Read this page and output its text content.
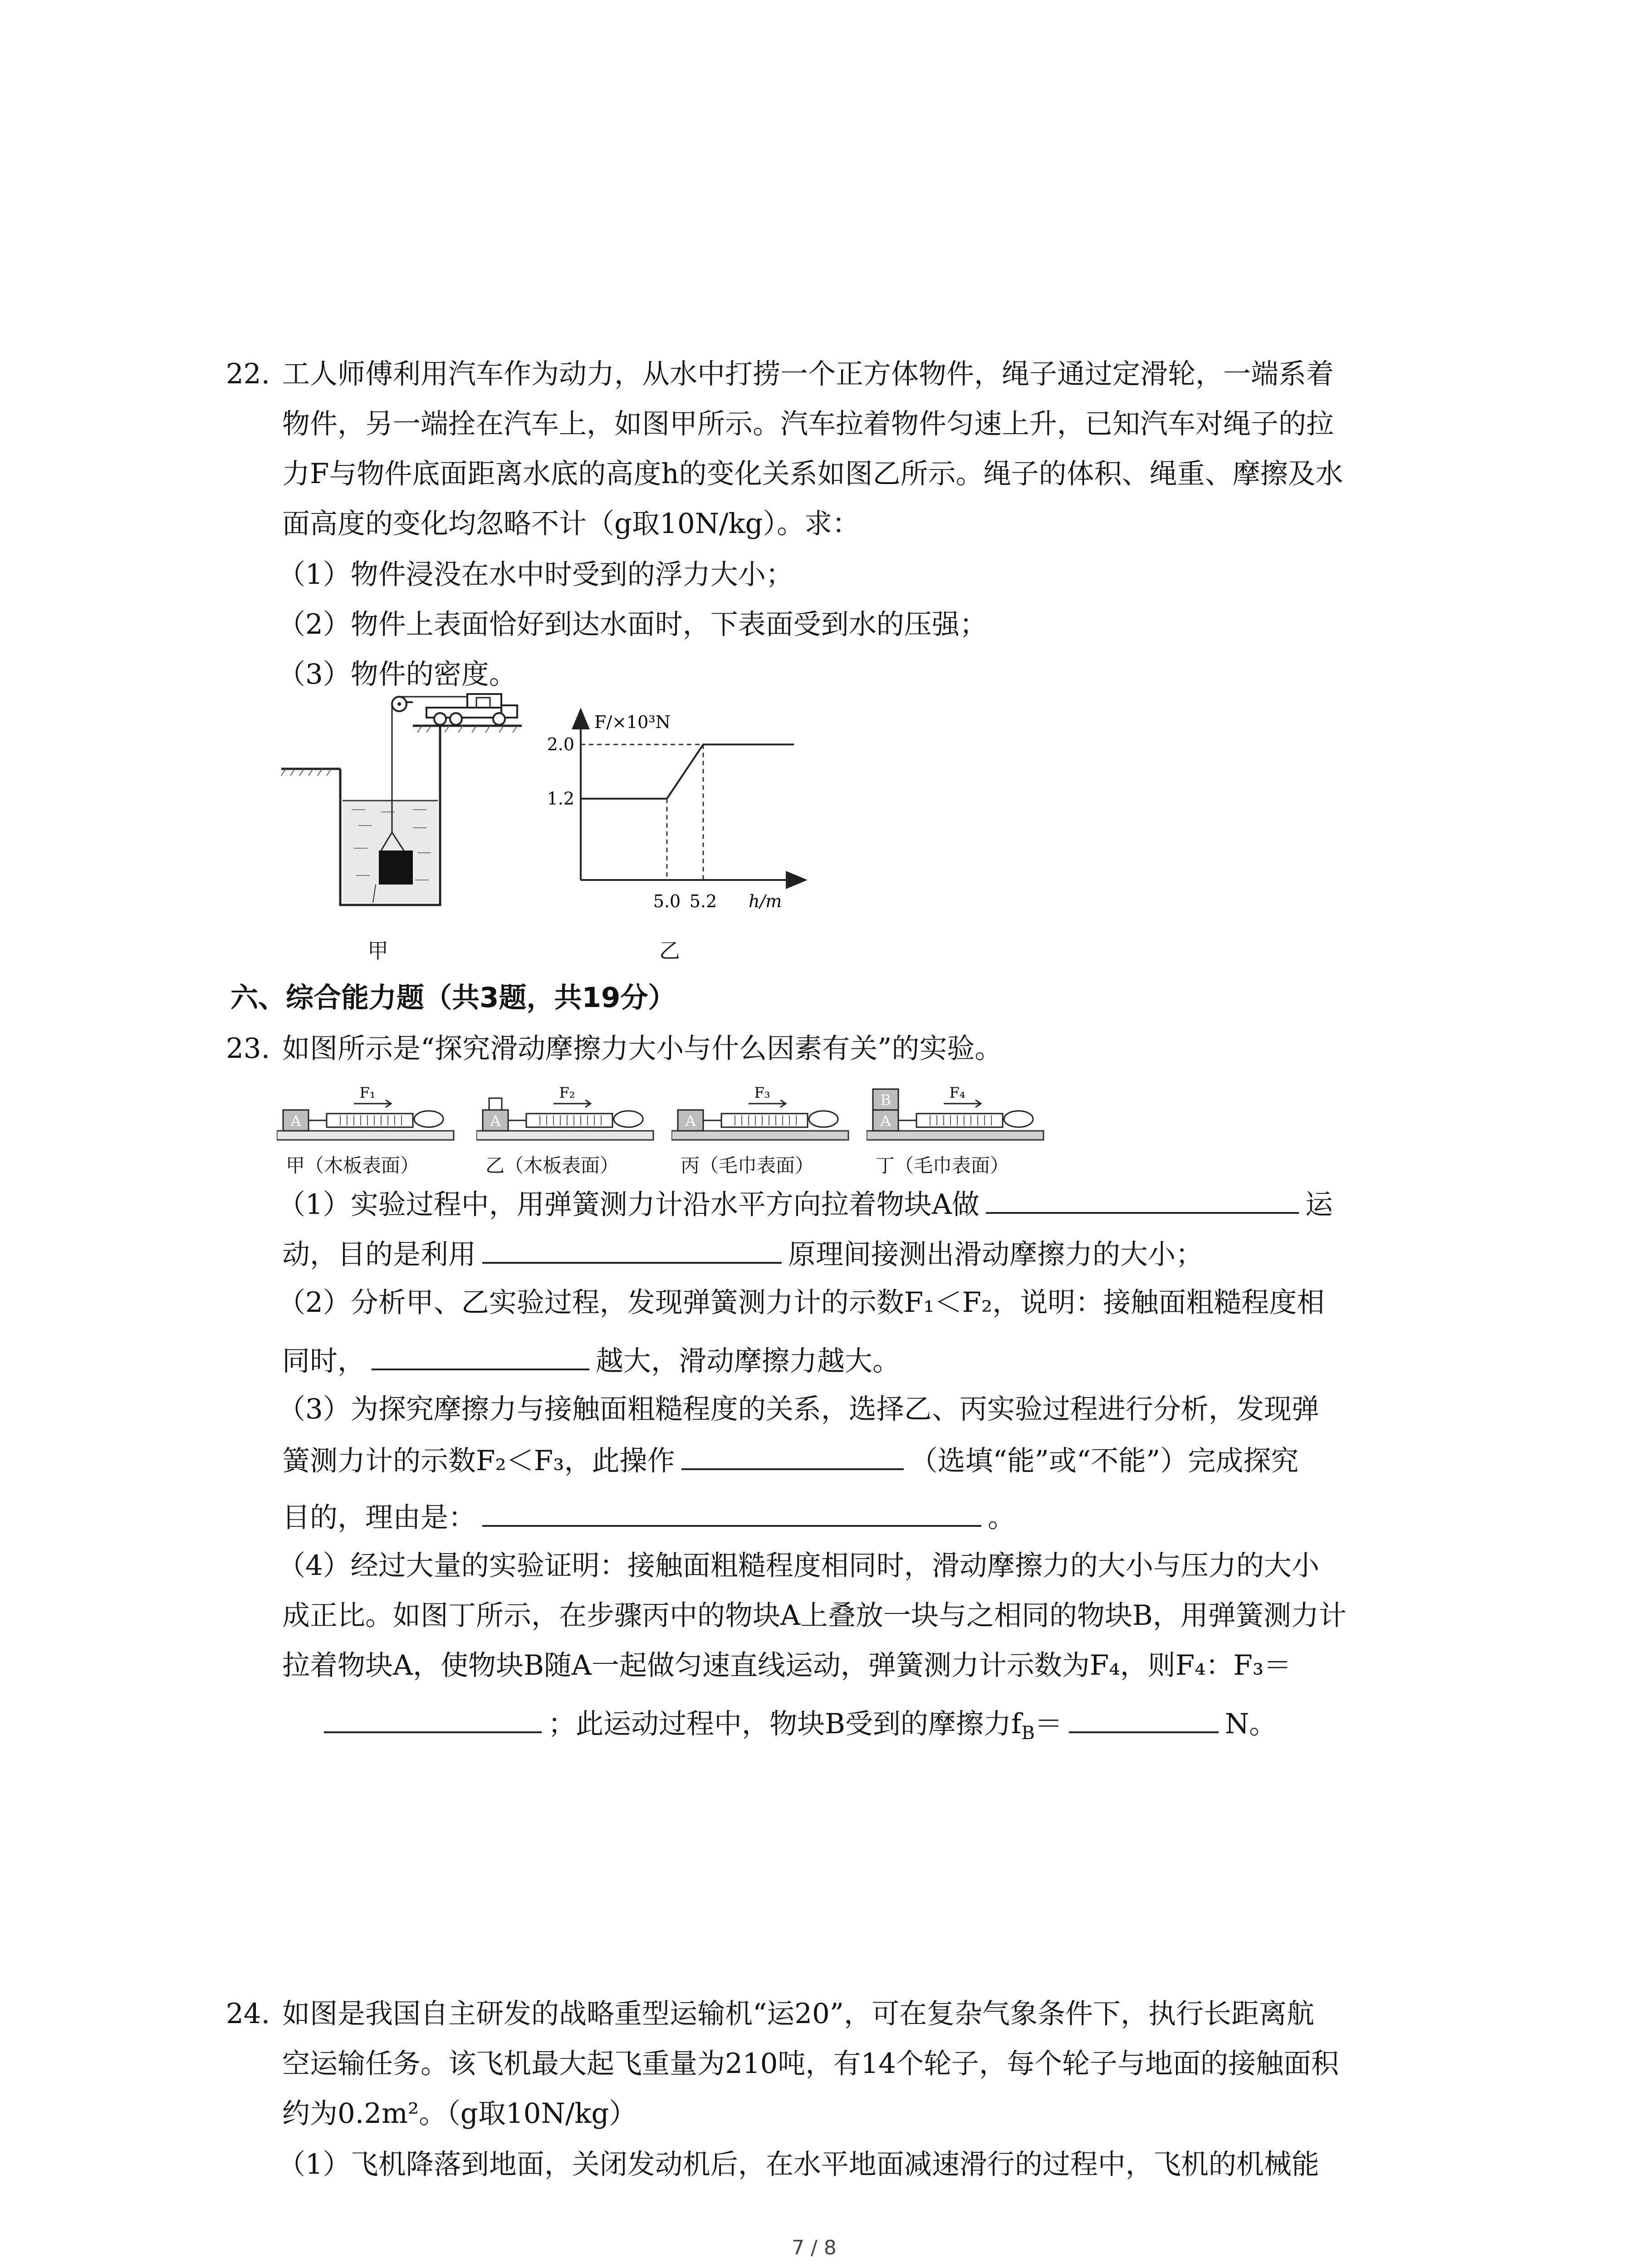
22. 工人师傅利用汽车作为动力，从水中打捞一个正方体物件，绳子通过定滑轮，一端系着
物件，另一端拴在汽车上，如图甲所示。汽车拉着物件匀速上升，已知汽车对绳子的拉
力F与物件底面距离水底的高度h的变化关系如图乙所示。绳子的体积、绳重、摩擦及水
面高度的变化均忽略不计（g取10N/kg）。求：
（1）物件浸没在水中时受到的浮力大小；
（2）物件上表面恰好到达水面时，下表面受到水的压强；
（3）物件的密度。
甲
F/×10³N
h/m
2.0
1.2
5.0 5.2
乙
六、综合能力题（共3题，共19分）
23. 如图所示是“探究滑动摩擦力大小与什么因素有关”的实验。
A
F₁
甲（木板表面）
A
F₂
乙（木板表面）
A
F₃
丙（毛巾表面）
A
B	F₄
丁（毛巾表面）
（1）实验过程中，用弹簧测力计沿水平方向拉着物块A做	运
动，目的是利用	原理间接测出滑动摩擦力的大小；
（2）分析甲、乙实验过程，发现弹簧测力计的示数F₁＜F₂，说明：接触面粗糙程度相
同时，	越大，滑动摩擦力越大。
（3）为探究摩擦力与接触面粗糙程度的关系，选择乙、丙实验过程进行分析，发现弹
簧测力计的示数F₂＜F₃，此操作	（选填“能”或“不能”）完成探究
目的，理由是：	。
（4）经过大量的实验证明：接触面粗糙程度相同时，滑动摩擦力的大小与压力的大小
成正比。如图丁所示，在步骤丙中的物块A上叠放一块与之相同的物块B，用弹簧测力计
拉着物块A，使物块B随A一起做匀速直线运动，弹簧测力计示数为F₄，则F₄：F₃＝
；此运动过程中，物块B受到的摩擦力$f_B=$	N。
24. 如图是我国自主研发的战略重型运输机“运20”，可在复杂气象条件下，执行长距离航
空运输任务。该飞机最大起飞重量为210吨，有14个轮子，每个轮子与地面的接触面积
约为0.2m²。（g取10N/kg）
（1）飞机降落到地面，关闭发动机后，在水平地面减速滑行的过程中，飞机的机械能
7 / 8
